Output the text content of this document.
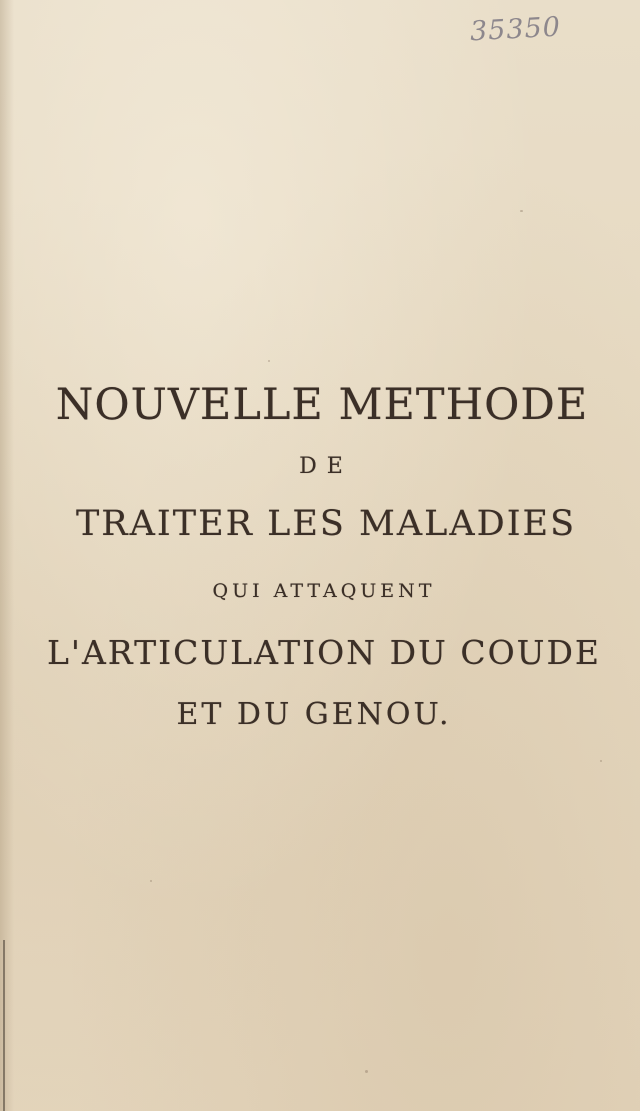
35350
NOUVELLE METHODE
DE
TRAITER LES MALADIES
QUI ATTAQUENT
L'ARTICULATION DU COUDE
ET DU GENOU.
